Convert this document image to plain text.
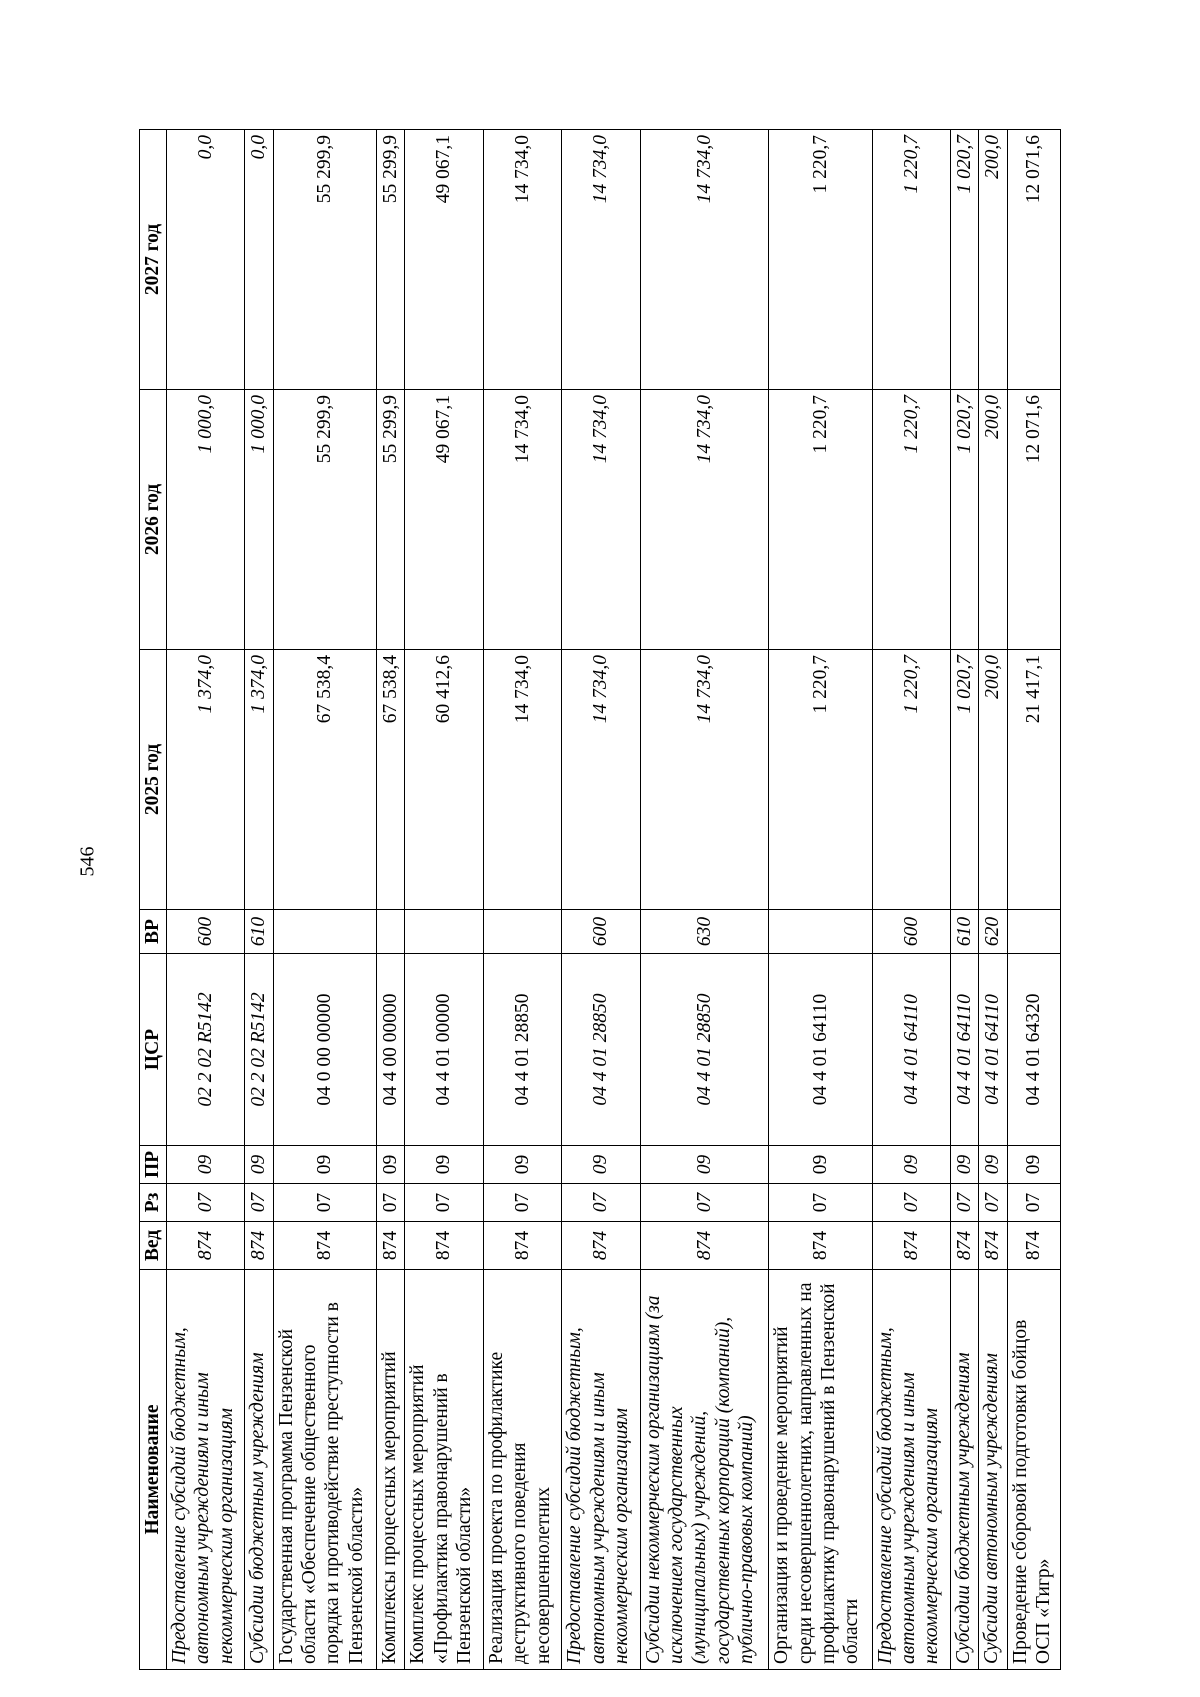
546
Наименование	Вед	Рз	ПР	ЦСР	ВР	2025 год	2026 год	2027 год
Предоставление субсидий бюджетным, автономным учреждениям и иным некоммерческим организациям	874	07	09	02 2 02 R5142	600	1 374,0	1 000,0	0,0
Субсидии бюджетным учреждениям	874	07	09	02 2 02 R5142	610	1 374,0	1 000,0	0,0
Государственная программа Пензенской области «Обеспечение общественного порядка и противодействие преступности в Пензенской области»	874	07	09	04 0 00 00000		67 538,4	55 299,9	55 299,9
Комплексы процессных мероприятий	874	07	09	04 4 00 00000		67 538,4	55 299,9	55 299,9
Комплекс процессных мероприятий «Профилактика правонарушений в Пензенской области»	874	07	09	04 4 01 00000		60 412,6	49 067,1	49 067,1
Реализация проекта по профилактике деструктивного поведения несовершеннолетних	874	07	09	04 4 01 28850		14 734,0	14 734,0	14 734,0
Предоставление субсидий бюджетным, автономным учреждениям и иным некоммерческим организациям	874	07	09	04 4 01 28850	600	14 734,0	14 734,0	14 734,0
Субсидии некоммерческим организациям (за исключением государственных (муниципальных) учреждений, государственных корпораций (компаний), публично-правовых компаний)	874	07	09	04 4 01 28850	630	14 734,0	14 734,0	14 734,0
Организация и проведение мероприятий среди несовершеннолетних, направленных на профилактику правонарушений в Пензенской области	874	07	09	04 4 01 64110		1 220,7	1 220,7	1 220,7
Предоставление субсидий бюджетным, автономным учреждениям и иным некоммерческим организациям	874	07	09	04 4 01 64110	600	1 220,7	1 220,7	1 220,7
Субсидии бюджетным учреждениям	874	07	09	04 4 01 64110	610	1 020,7	1 020,7	1 020,7
Субсидии автономным учреждениям	874	07	09	04 4 01 64110	620	200,0	200,0	200,0
Проведение сборовой подготовки бойцов ОСП «Тигр»	874	07	09	04 4 01 64320		21 417,1	12 071,6	12 071,6
